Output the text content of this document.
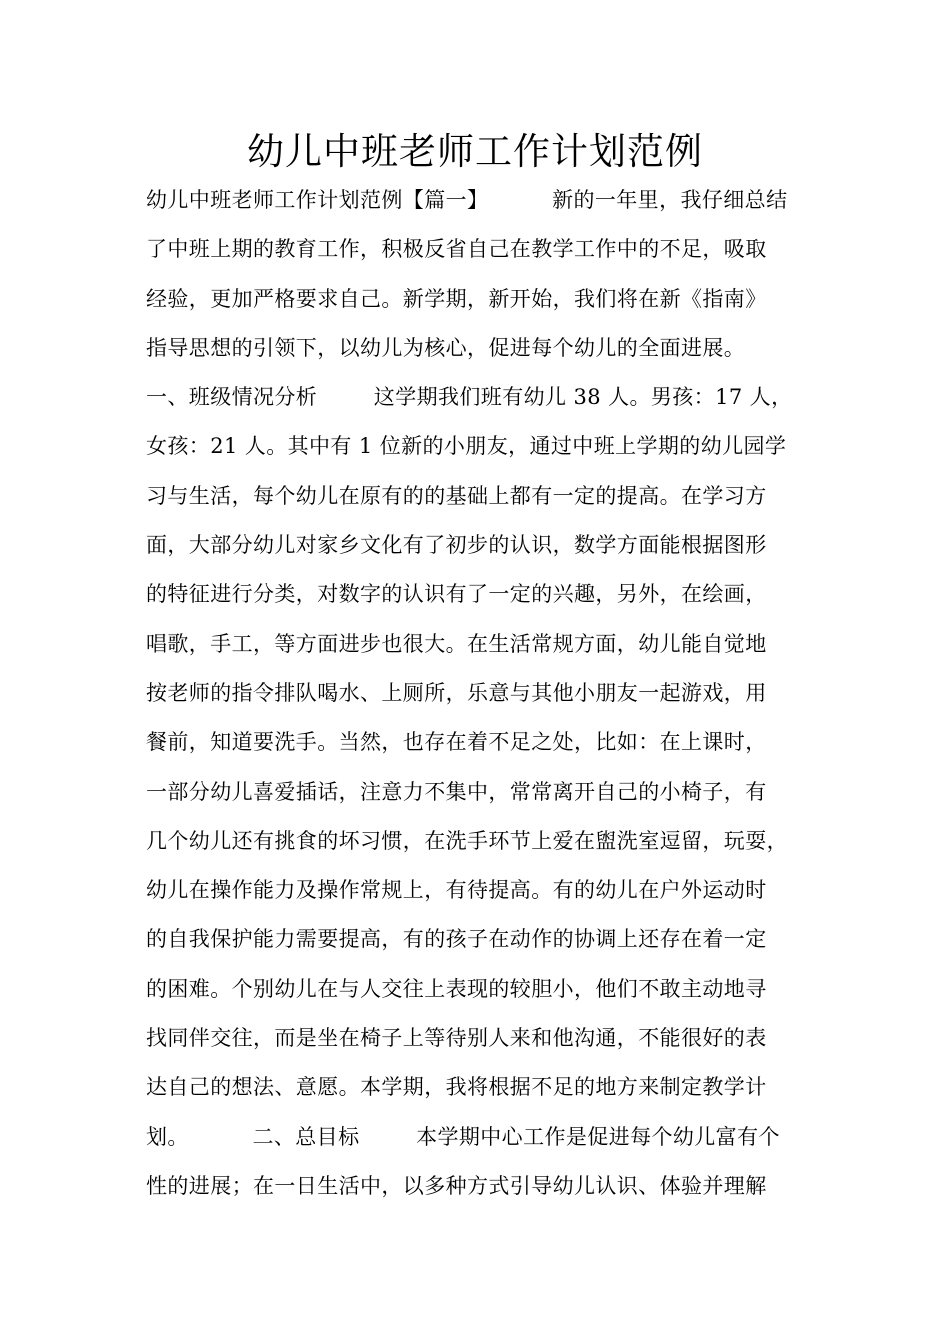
幼儿中班老师工作计划范例
幼儿中班老师工作计划范例【篇一】         新的一年里，我仔细总结
了中班上期的教育工作，积极反省自己在教学工作中的不足，吸取
经验，更加严格要求自己。新学期，新开始，我们将在新《指南》
指导思想的引领下，以幼儿为核心，促进每个幼儿的全面进展。
一、班级情况分析        这学期我们班有幼儿 38 人。男孩：17 人，
女孩：21 人。其中有 1 位新的小朋友，通过中班上学期的幼儿园学
习与生活，每个幼儿在原有的的基础上都有一定的提高。在学习方
面，大部分幼儿对家乡文化有了初步的认识，数学方面能根据图形
的特征进行分类，对数字的认识有了一定的兴趣，另外，在绘画，
唱歌，手工，等方面进步也很大。在生活常规方面，幼儿能自觉地
按老师的指令排队喝水、上厕所，乐意与其他小朋友一起游戏，用
餐前，知道要洗手。当然，也存在着不足之处，比如：在上课时，
一部分幼儿喜爱插话，注意力不集中，常常离开自己的小椅子，有
几个幼儿还有挑食的坏习惯，在洗手环节上爱在盥洗室逗留，玩耍，
幼儿在操作能力及操作常规上，有待提高。有的幼儿在户外运动时
的自我保护能力需要提高，有的孩子在动作的协调上还存在着一定
的困难。个别幼儿在与人交往上表现的较胆小，他们不敢主动地寻
找同伴交往，而是坐在椅子上等待别人来和他沟通，不能很好的表
达自己的想法、意愿。本学期，我将根据不足的地方来制定教学计
划。         二、总目标        本学期中心工作是促进每个幼儿富有个
性的进展；在一日生活中，以多种方式引导幼儿认识、体验并理解
